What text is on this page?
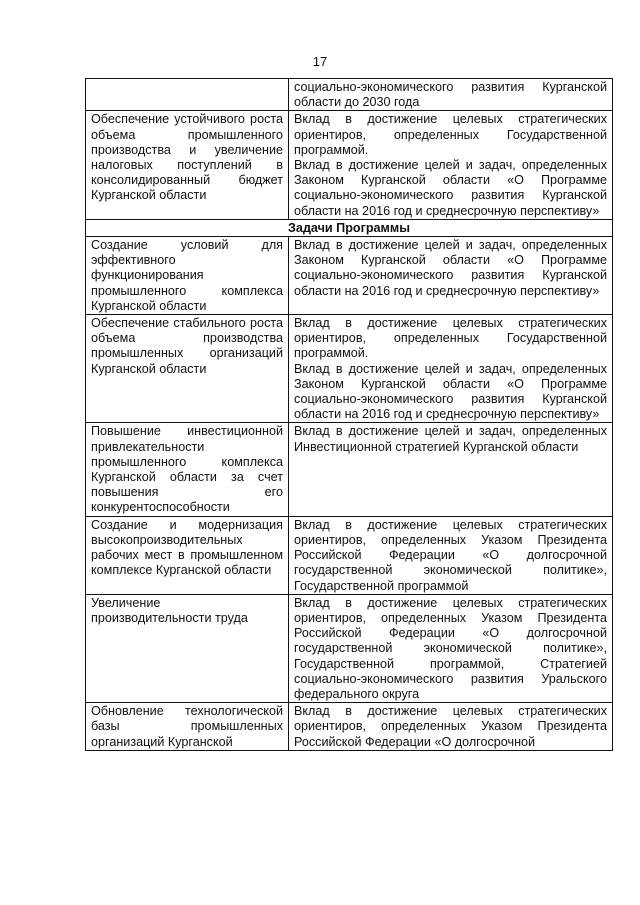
17
	социально-экономического развития Курганской области до 2030 года
Обеспечение устойчивого роста объема промышленного производства и увеличение налоговых поступлений в консолидированный бюджет Курганской области	Вклад в достижение целевых стратегических ориентиров, определенных Государственной программой.
Вклад в достижение целей и задач, определенных Законом Курганской области «О Программе социально-экономического развития Курганской области на 2016 год и среднесрочную перспективу»

Задачи Программы	
Создание условий для эффективного функционирования промышленного комплекса Курганской области	Вклад в достижение целей и задач, определенных Законом Курганской области «О Программе социально-экономического развития Курганской области на 2016 год и среднесрочную перспективу»

Обеспечение стабильного роста объема производства промышленных организаций Курганской области	Вклад в достижение целевых стратегических ориентиров, определенных Государственной программой.
Вклад в достижение целей и задач, определенных Законом Курганской области «О Программе социально-экономического развития Курганской области на 2016 год и среднесрочную перспективу»

Повышение инвестиционной привлекательности промышленного комплекса Курганской области за счет повышения его конкурентоспособности	Вклад в достижение целей и задач, определенных Инвестиционной стратегией Курганской области

Создание и модернизация высокопроизводительных рабочих мест в промышленном комплексе Курганской области	Вклад в достижение целевых стратегических ориентиров, определенных Указом Президента Российской Федерации «О долгосрочной государственной экономической политике», Государственной программой

Увеличение производительности труда	Вклад в достижение целевых стратегических ориентиров, определенных Указом Президента Российской Федерации «О долгосрочной государственной экономической политике», Государственной программой, Стратегией социально-экономического развития Уральского федерального округа

Обновление технологической базы промышленных организаций Курганской	Вклад в достижение целевых стратегических ориентиров, определенных Указом Президента Российской Федерации «О долгосрочной
